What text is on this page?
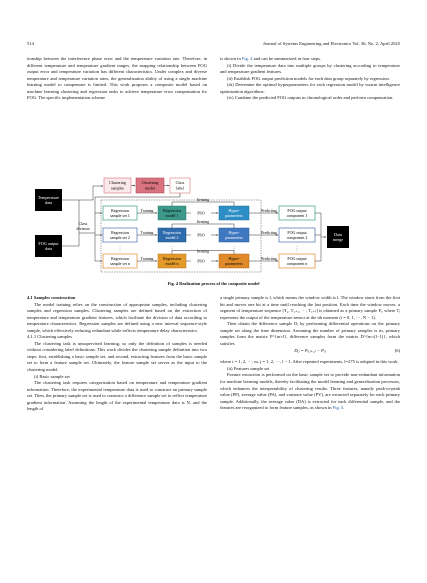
514	Journal of Systems Engineering and Electronics Vol. 36, No. 2, April 2025

tionship between the interference phase error and the temperature variation rate. Therefore, in different temperature and temperature gradient ranges, the mapping relationship between FOG output error and temperature variation has different characteristics. Under complex and diverse temperature and temperature variation rates, the generalization ability of using a single machine learning model to compensate is limited. This work proposes a composite model based on machine learning clustering and regression tasks to achieve temperature error compensation for FOG. The specific implementation scheme

is shown in Fig. 4 and can be summarized in four steps.

(i) Divide the temperature data into multiple groups by clustering according to temperature and temperature gradient features.

(ii) Establish FOG output prediction models for each data group separately by regression.

(iii) Determine the optimal hyperparameters for each regression model by swarm intelligence optimization algorithms.

(iv) Combine the predicted FOG outputs in chronological order and perform compensation.

Temperature
data
FOG output
data
Clustering
samples
Clustering
model
Class
label
Class
division
Regression
sample set 1
Training Regression
model 1	PSO
Hyper-
parameters
Iterating
Predicting	FOG output
component 1
Regression
sample set 2
Training Regression
model 2	PSO
Hyper-
parameters
Iterating
Predicting	FOG output
component 2
⋮	⋮	⋮	⋮
Regression
sample set n
Training Regression
model n	PSO
Hyper-
parameters
Iterating
Predicting	FOG output
component n
Data
merge
Fig. 4 Realization process of the composite model

4.1 Samples construction

The model training relies on the construction of appropriate samples, including clustering samples and regression samples. Clustering samples are defined based on the extraction of temperature and temperature gradient features, which facilitate the division of data according to temperature characteristics. Regression samples are defined using a new interval sequence-style sample, which effectively reducing redundant while reflects temperature delay characteristics.

4.1.1 Clustering samples

The clustering task is unsupervised learning, so only the definition of samples is needed without considering label definitions. This work divides the clustering sample definition into two steps: first, establishing a basic sample set, and second, extracting features from the basic sample set to form a feature sample set. Ultimately, the feature sample set serves as the input to the clustering model.

(i) Basic sample set

The clustering task requires categorization based on temperature and temperature gradient information. Therefore, the experimental temperature data is used to construct an primary sample set. Then, the primary sample set is used to construct a difference sample set to reflect temperature gradient information. Assuming the length of the experimental temperature data is N, and the length of

a single primary sample is l, which means the window width is l. The window starts from the first bit and moves one bit at a time until reaching the last position. Each time the window moves, a segment of temperature sequence [T₁, T₁₊₁, ···, T₁₊ₗ] is obtained as a primary sample Pᵢ, where Tᵢ represents the output of the temperature sensor at the ith moment (i = 0, 1, ···, N − 1).

Then obtain the difference sample Dᵢ by performing differential operations on the primary sample set along the time dimension. Assuming the number of primary samples is m, primary samples form the matrix P^{m×l}, difference samples form the matrix D^{m×(l−1)}, which satisfies

Dᵢⱼ = Pᵢ₍ⱼ₊₁₎ − Pᵢⱼ	(6)

where i = 1, 2, ···, m, j = 1, 2, ···, l − 1. After repeated experiments, l=275 is adopted in this work.

(ii) Features sample set

Feature extraction is performed on the basic sample set to provide non-redundant information for machine learning models, thereby facilitating the model learning and generalization processes, which enhances the interpretability of clustering results. Three features, namely peak-to-peak value (PP), average value (PA), and variance value (PV), are extracted separately for each primary sample. Additionally, the average value (DA) is extracted for each differential sample, and the features are reorganized to form feature samples, as shown in Fig. 5.
